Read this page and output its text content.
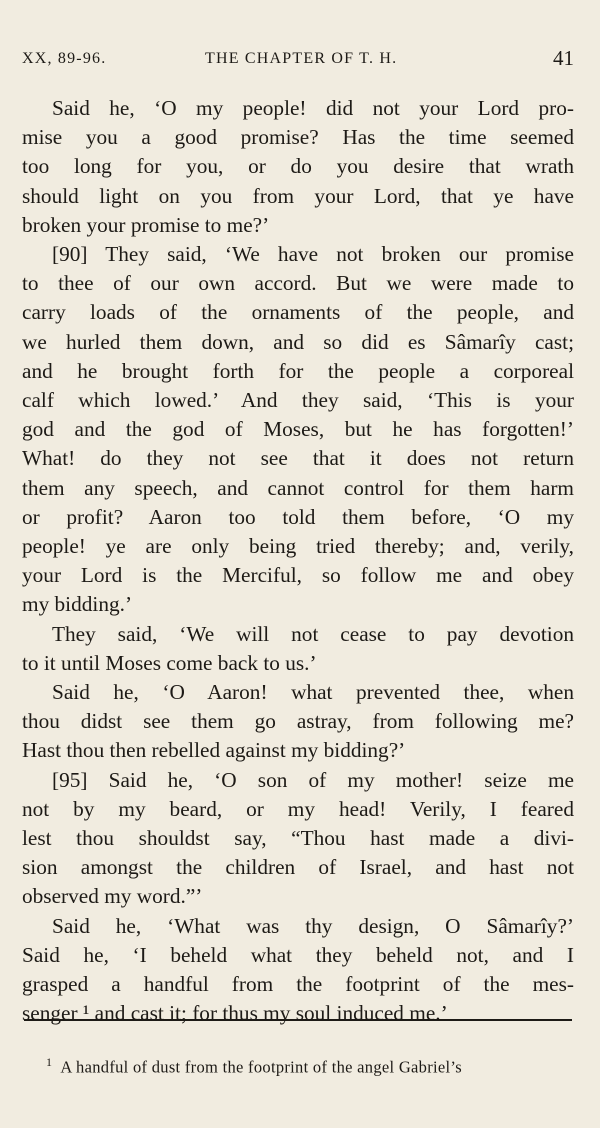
XX, 89-96.	THE CHAPTER OF T. H.	41
Said he, ‘O my people! did not your Lord pro-
mise you a good promise? Has the time seemed
too long for you, or do you desire that wrath
should light on you from your Lord, that ye have
broken your promise to me?’
[90] They said, ‘We have not broken our promise
to thee of our own accord. But we were made to
carry loads of the ornaments of the people, and
we hurled them down, and so did es Sâmarîy cast;
and he brought forth for the people a corporeal
calf which lowed.’ And they said, ‘This is your
god and the god of Moses, but he has forgotten!’
What! do they not see that it does not return
them any speech, and cannot control for them harm
or profit? Aaron too told them before, ‘O my
people! ye are only being tried thereby; and, verily,
your Lord is the Merciful, so follow me and obey
my bidding.’
They said, ‘We will not cease to pay devotion
to it until Moses come back to us.’
Said he, ‘O Aaron! what prevented thee, when
thou didst see them go astray, from following me?
Hast thou then rebelled against my bidding?’
[95] Said he, ‘O son of my mother! seize me
not by my beard, or my head! Verily, I feared
lest thou shouldst say, “Thou hast made a divi-
sion amongst the children of Israel, and hast not
observed my word.”’
Said he, ‘What was thy design, O Sâmarîy?’
Said he, ‘I beheld what they beheld not, and I
grasped a handful from the footprint of the mes-
senger ¹ and cast it; for thus my soul induced me.’
$^1$ A handful of dust from the footprint of the angel Gabriel’s
